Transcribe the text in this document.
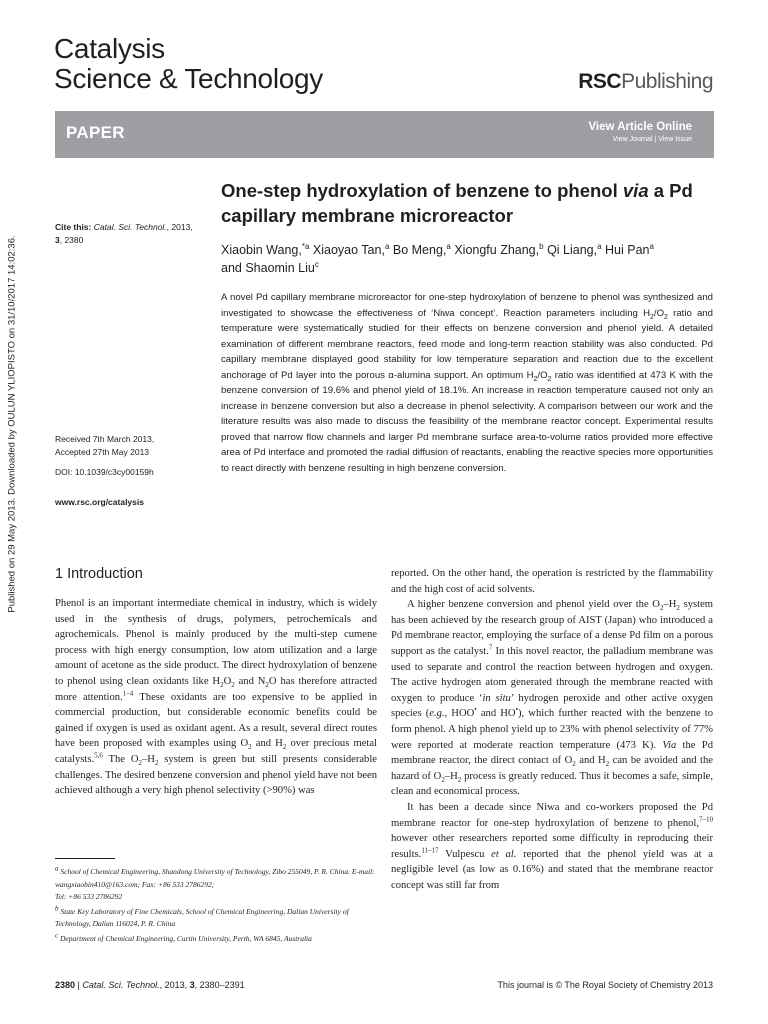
Catalysis
Science & Technology	RSCPublishing
PAPER	View Article Online
View Journal | View Issue
Published on 29 May 2013. Downloaded by OULUN YLIOPISTO on 31/10/2017 14:02:36.
Cite this: Catal. Sci. Technol., 2013,
3, 2380
Received 7th March 2013,
Accepted 27th May 2013
DOI: 10.1039/c3cy00159h
www.rsc.org/catalysis
One-step hydroxylation of benzene to phenol via a Pd capillary membrane microreactor
Xiaobin Wang,$^{*a}$ Xiaoyao Tan,$^a$ Bo Meng,$^a$ Xiongfu Zhang,$^b$ Qi Liang,$^a$ Hui Pan$^a$
and Shaomin Liu$^c$
A novel Pd capillary membrane microreactor for one-step hydroxylation of benzene to phenol was synthesized and investigated to showcase the effectiveness of ‘Niwa concept’. Reaction parameters including $H_2/O_2$ ratio and temperature were systematically studied for their effects on benzene conversion and phenol yield. A detailed examination of different membrane reactors, feed mode and long-term reaction stability was also conducted. Pd capillary membrane displayed good stability for low temperature separation and reaction due to the excellent anchorage of Pd layer into the porous α-alumina support. An optimum $H_2/O_2$ ratio was identified at 473 K with the benzene conversion of 19.6% and phenol yield of 18.1%. An increase in reaction temperature caused not only an increase in benzene conversion but also a decrease in phenol selectivity. A comparison between our work and the literature results was also made to discuss the feasibility of the membrane reactor concept. Experimental results proved that narrow flow channels and larger Pd membrane surface area-to-volume ratios provided more effective area of Pd interface and promoted the radial diffusion of reactants, enabling the reactive species more opportunities to react directly with benzene resulting in high benzene conversion.
1 Introduction

Phenol is an important intermediate chemical in industry, which is widely used in the synthesis of drugs, polymers, petrochemicals and agrochemicals. Phenol is mainly produced by the multi-step cumene process with high energy consumption, low atom utilization and a large amount of acetone as the side product. The direct hydroxylation of benzene to phenol using clean oxidants like $H_2O_2$ and $N_2O$ has therefore attracted more attention.$^{1-4}$ These oxidants are too expensive to be applied in commercial production, but considerable economic benefits could be gained if oxygen is used as oxidant agent. As a result, several direct routes have been proposed with examples using $O_2$ and $H_2$ over precious metal catalysts.$^{5,6}$ The $O_2-H_2$ system is green but still presents considerable challenges. The desired benzene conversion and phenol yield have not been achieved although a very high phenol selectivity (>90%) was

reported. On the other hand, the operation is restricted by the flammability and the high cost of acid solvents.

A higher benzene conversion and phenol yield over the $O_2-H_2$ system has been achieved by the research group of AIST (Japan) who introduced a Pd membrane reactor, employing the surface of a dense Pd film on a porous support as the catalyst.$^7$ In this novel reactor, the palladium membrane was used to separate and control the reaction between hydrogen and oxygen. The active hydrogen atom generated through the membrane reacted with oxygen to produce ‘in situ’ hydrogen peroxide and other active oxygen species (e.g., HOO• and HO•), which further reacted with the benzene to form phenol. A high phenol yield up to 23% with phenol selectivity of 77% were reported at moderate reaction temperature (473 K). Via the Pd membrane reactor, the direct contact of $O_2$ and $H_2$ can be avoided and the hazard of $O_2-H_2$ process is greatly reduced. Thus it becomes a safe, simple, clean and economical process.

It has been a decade since Niwa and co-workers proposed the Pd membrane reactor for one-step hydroxylation of benzene to phenol,$^{7-10}$ however other researchers reported some difficulty in reproducing their results.$^{11-17}$ Vulpescu et al. reported that the phenol yield was at a negligible level (as low as 0.16%) and stated that the membrane reactor concept was still far from

$^a$ School of Chemical Engineering, Shandong University of Technology, Zibo 255049, P. R. China. E-mail: wangxiaobin410@163.com; Fax: +86 533 2786292;
Tel: +86 533 2786292
$^b$ State Key Laboratory of Fine Chemicals, School of Chemical Engineering, Dalian University of Technology, Dalian 116024, P. R. China
$^c$ Department of Chemical Engineering, Curtin University, Perth, WA 6845, Australia
2380 | Catal. Sci. Technol., 2013, 3, 2380–2391	This journal is © The Royal Society of Chemistry 2013
